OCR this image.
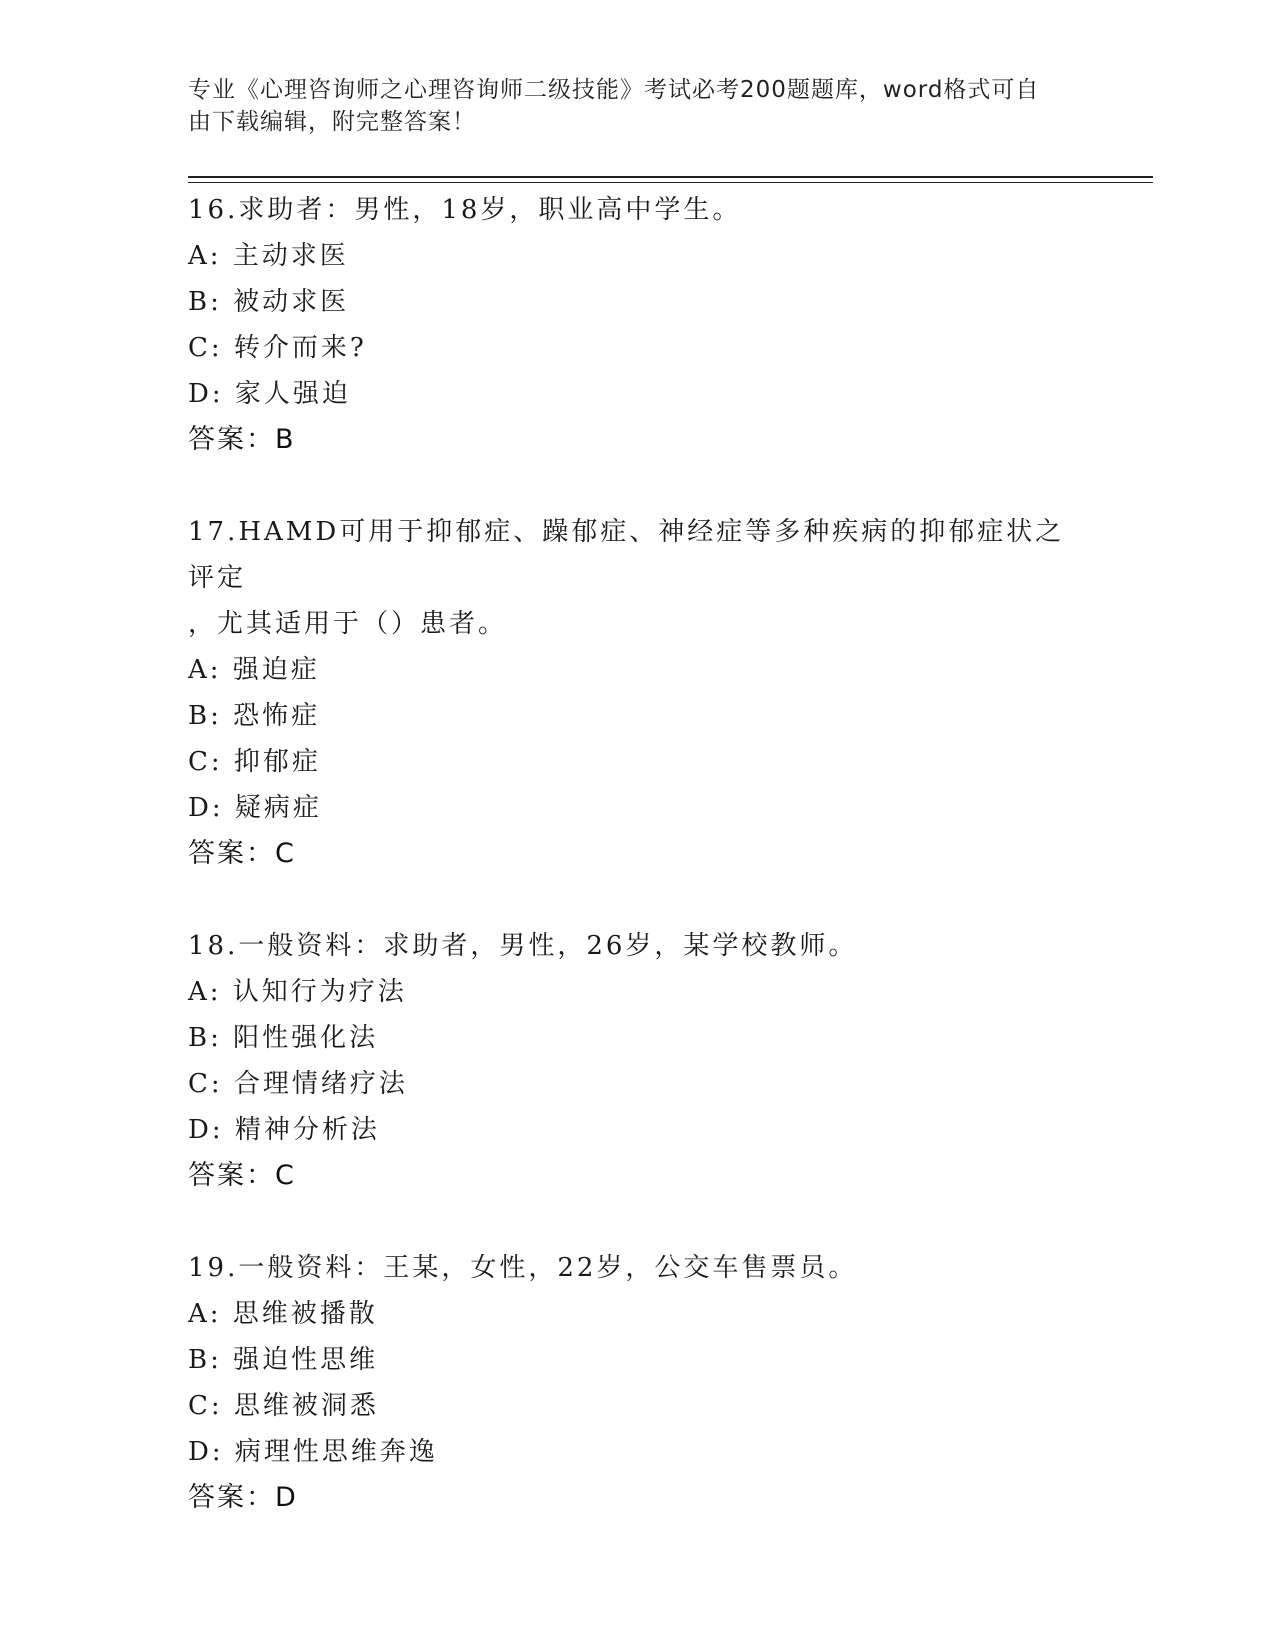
专业《心理咨询师之心理咨询师二级技能》考试必考200题题库，word格式可自
由下载编辑，附完整答案！
16.求助者：男性，18岁，职业高中学生。
A: 主动求医
B: 被动求医
C: 转介而来?
D: 家人强迫
答案：B
17.HAMD可用于抑郁症、躁郁症、神经症等多种疾病的抑郁症状之评定
，尤其适用于（）患者。
A: 强迫症
B: 恐怖症
C: 抑郁症
D: 疑病症
答案：C
18.一般资料：求助者，男性，26岁，某学校教师。
A: 认知行为疗法
B: 阳性强化法
C: 合理情绪疗法
D: 精神分析法
答案：C
19.一般资料：王某，女性，22岁，公交车售票员。
A: 思维被播散
B: 强迫性思维
C: 思维被洞悉
D: 病理性思维奔逸
答案：D
